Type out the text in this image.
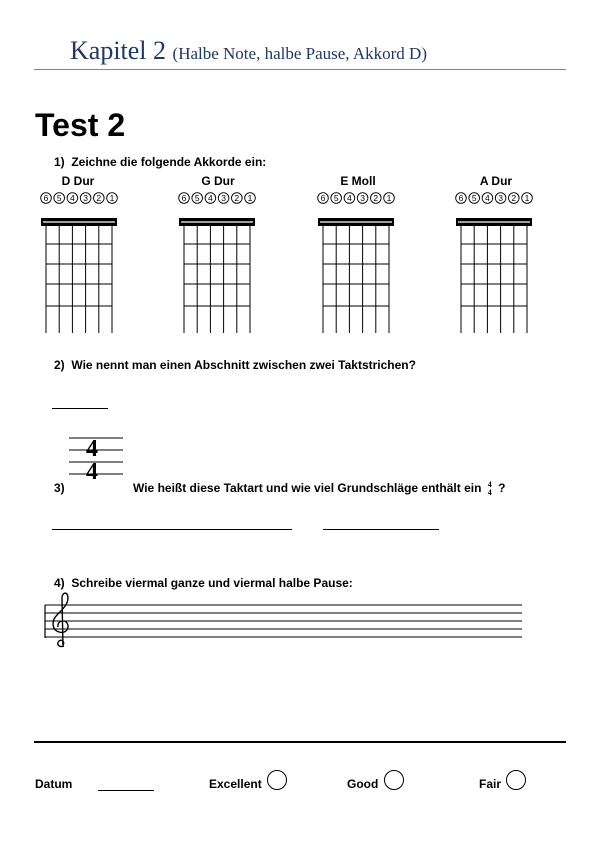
Kapitel 2 (Halbe Note, halbe Pause, Akkord D)
Test 2
1) Zeichne die folgende Akkorde ein:
D Dur	G Dur	E Moll	A Dur
6 5 4 3 2 1	6 5 4 3 2 1	6 5 4 3 2 1	6 5 4 3 2 1
2) Wie nennt man einen Abschnitt zwischen zwei Taktstrichen?
4
4
3)	Wie heißt diese Taktart und wie viel Grundschläge enthält ein 4
4 ?
4) Schreibe viermal ganze und viermal halbe Pause:
Datum	Excellent	Good	Fair
